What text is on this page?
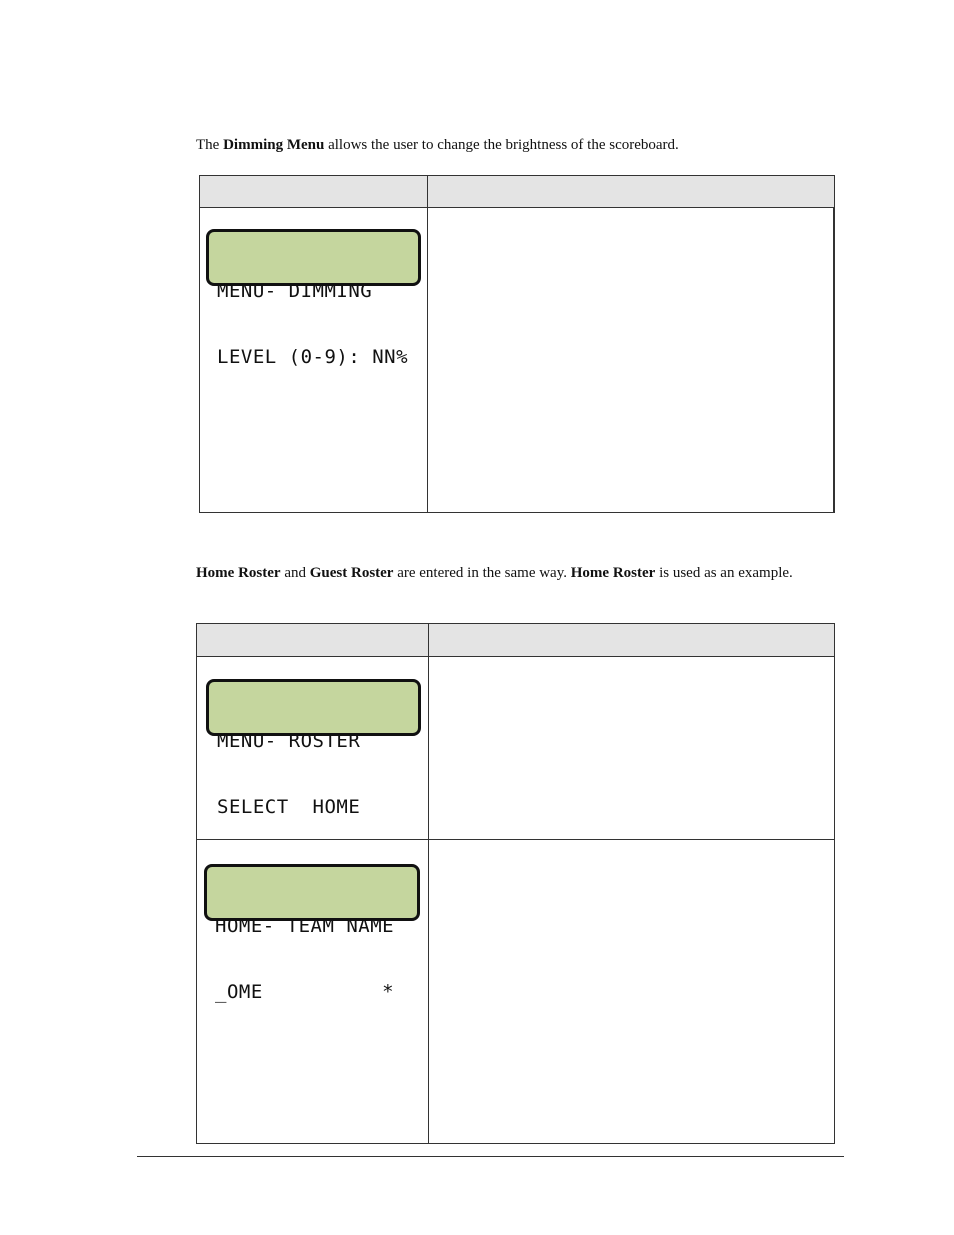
The Dimming Menu allows the user to change the brightness of the scoreboard.

MENU- DIMMING

LEVEL (0-9): NN%

Home Roster and Guest Roster are entered in the same way. Home Roster is used as an example.

MENU- ROSTER

SELECT  HOME

HOME- TEAM NAME

_OME          *
